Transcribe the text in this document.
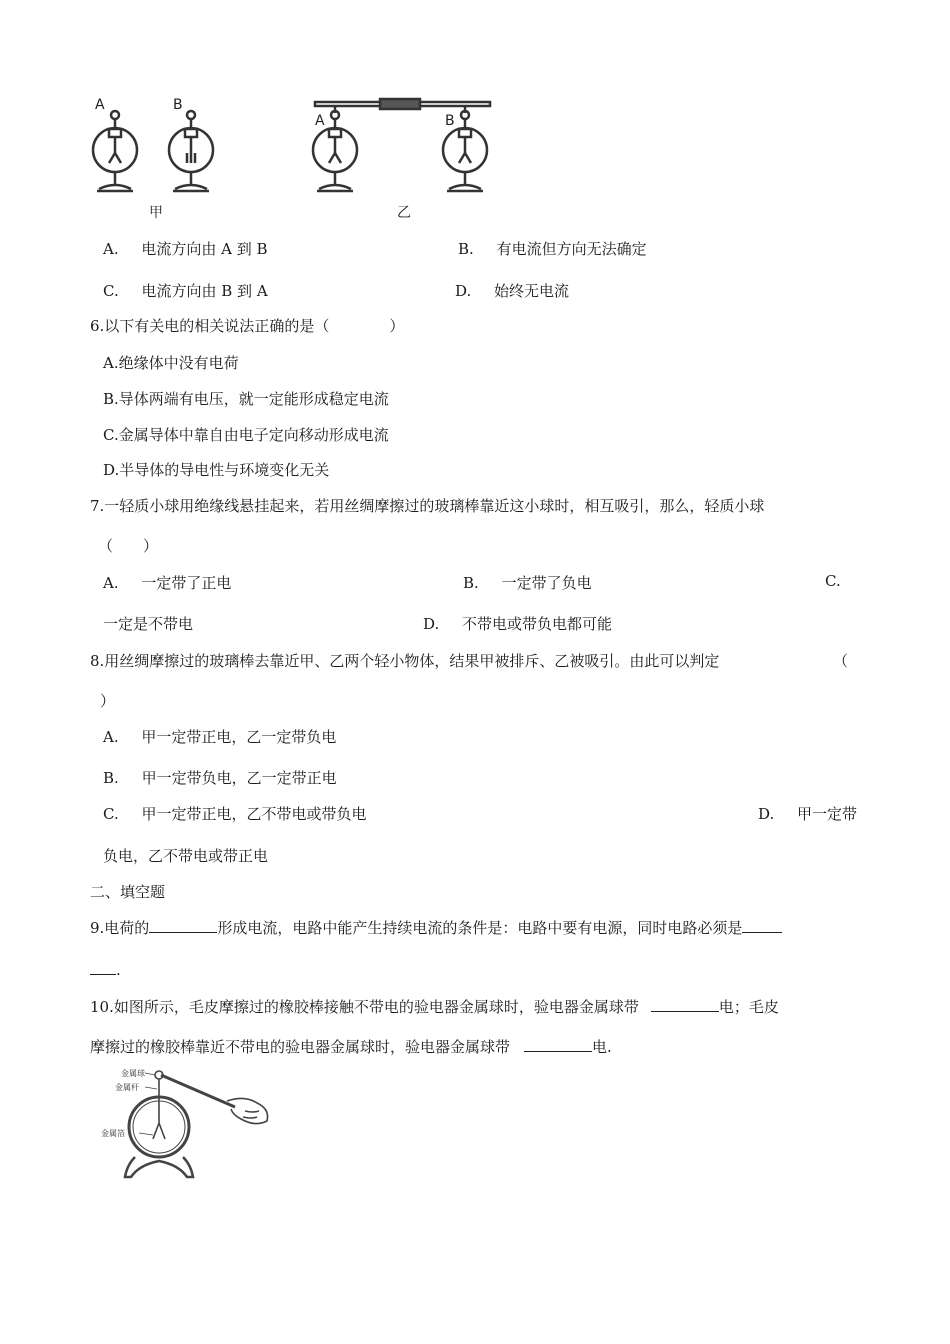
A	B
A	B
甲	乙
A. 电流方向由 A 到 B	B. 有电流但方向无法确定
C. 电流方向由 B 到 A	D. 始终无电流
6.以下有关电的相关说法正确的是（　　　　）
A.绝缘体中没有电荷
B.导体两端有电压，就一定能形成稳定电流
C.金属导体中靠自由电子定向移动形成电流
D.半导体的导电性与环境变化无关
7.一轻质小球用绝缘线悬挂起来，若用丝绸摩擦过的玻璃棒靠近这小球时，相互吸引，那么，轻质小球
（　　）
A. 一定带了正电	B. 一定带了负电	C.
一定是不带电	D. 不带电或带负电都可能
8.用丝绸摩擦过的玻璃棒去靠近甲、乙两个轻小物体，结果甲被排斥、乙被吸引。由此可以判定	（
）
A. 甲一定带正电，乙一定带负电
B. 甲一定带负电，乙一定带正电
C. 甲一定带正电，乙不带电或带负电	D. 甲一定带
负电，乙不带电或带正电
二、填空题
9.电荷的	形成电流，电路中能产生持续电流的条件是：电路中要有电源，同时电路必须是
.
10.如图所示，毛皮摩擦过的橡胶棒接触不带电的验电器金属球时，验电器金属球带	电；毛皮
摩擦过的橡胶棒靠近不带电的验电器金属球时，验电器金属球带	电.
金属球
金属杆
金属箔
